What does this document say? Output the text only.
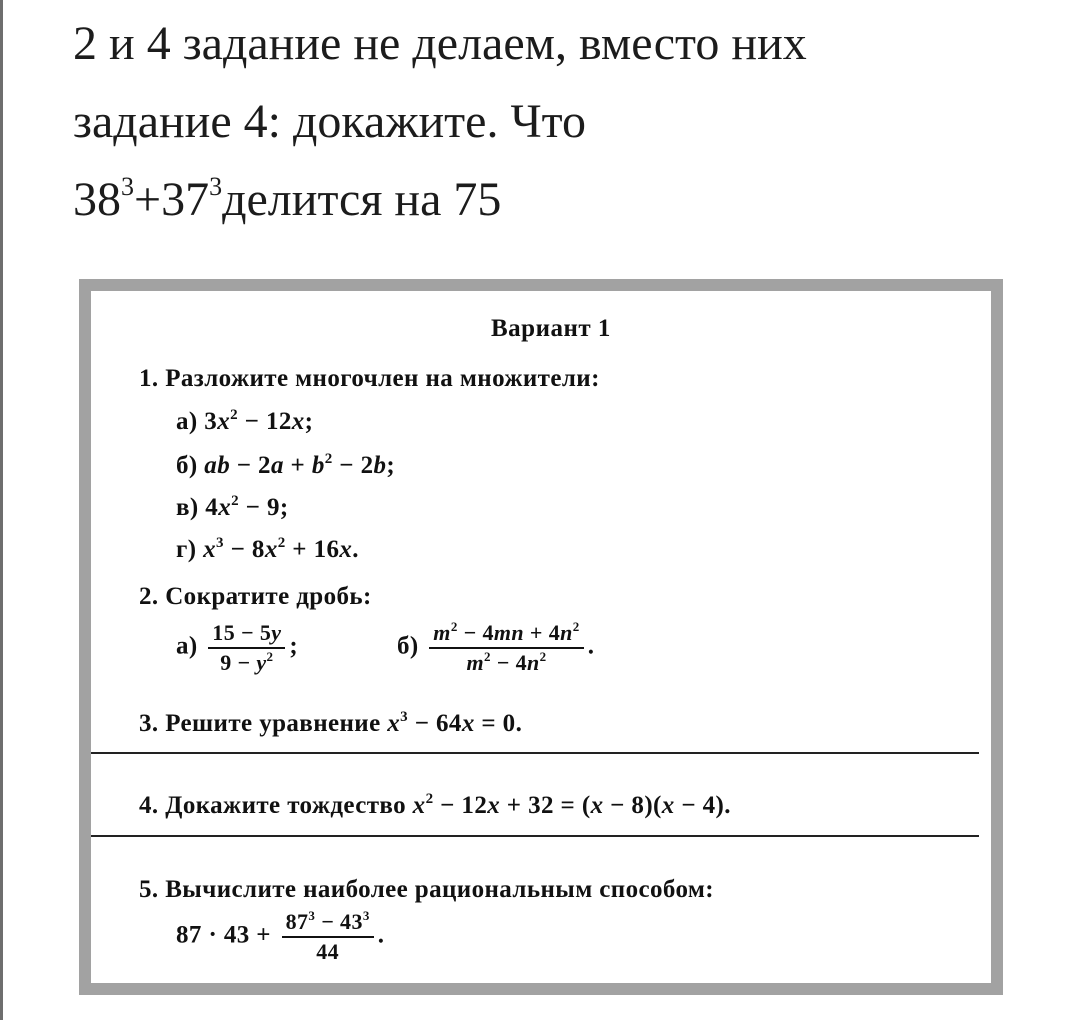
2 и 4 задание не делаем, вместо них
задание 4: докажите. Что
$38^3+37^3делится$ на 75
Вариант 1
1. Разложите многочлен на множители:
а) $3x^2 - 12x$;
б) ab − $2a + b^2 - 2b$;
в) $4x^2 - 9$;
г) $x^3 - 8x^2 + 16x$.
2. Сократите дробь:
$а) \frac{15 - 5y}{9 - y^2}$ ;	$б) \frac{m^2 - 4mn + 4n^2}{m^2 - 4n^2}$ .
3. Решите уравнение $x^3 - 64x = 0$.
4. Докажите тождество $x^2 - 12x + 32 = (x - 8)(x - 4)$.
5. Вычислите наиболее рациональным способом:
$87 \cdot 43 + \frac{87^3 - 43^3}{44}$ .
